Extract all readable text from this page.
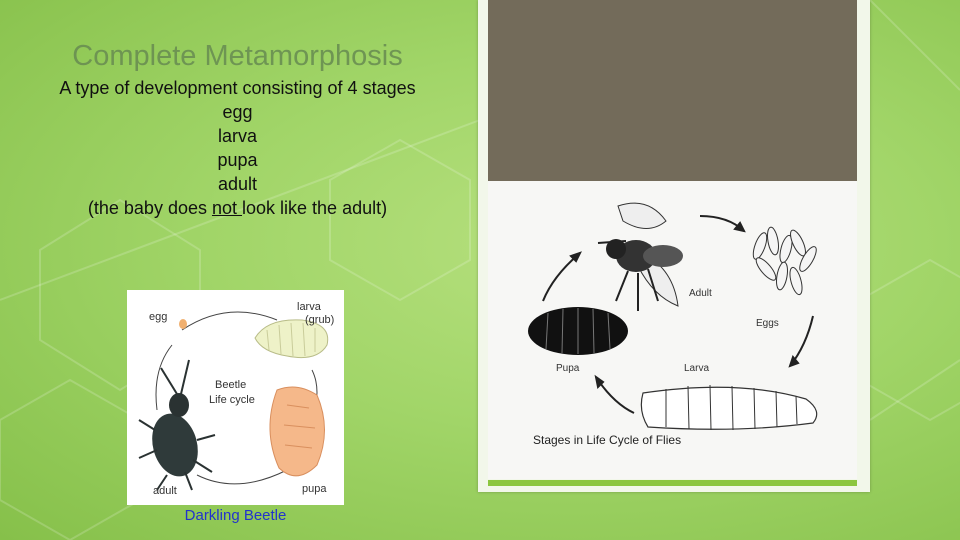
Complete Metamorphosis
A type of development consisting of 4 stages
egg
larva
pupa
adult
(the baby does not look like the adult)
egg
larva
(grub)
Beetle
Life cycle
adult	pupa
Darkling Beetle
Adult
Eggs
Pupa	Larva
Stages in Life Cycle of Flies
